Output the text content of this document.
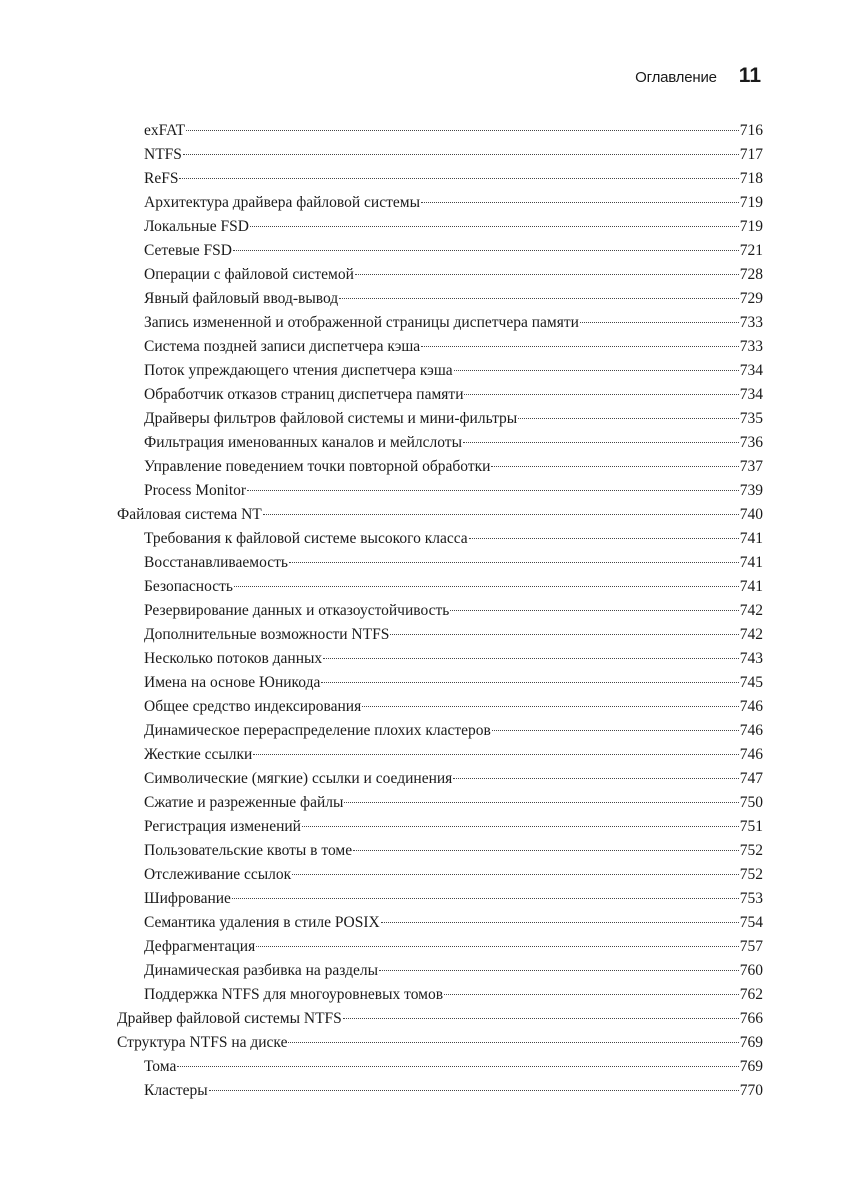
Оглавление 11
exFAT	716
NTFS	717
ReFS	718
Архитектура драйвера файловой системы	719
Локальные FSD	719
Сетевые FSD	721
Операции с файловой системой	728
Явный файловый ввод-вывод	729
Запись измененной и отображенной страницы диспетчера памяти	733
Система поздней записи диспетчера кэша	733
Поток упреждающего чтения диспетчера кэша	734
Обработчик отказов страниц диспетчера памяти	734
Драйверы фильтров файловой системы и мини-фильтры	735
Фильтрация именованных каналов и мейлслоты	736
Управление поведением точки повторной обработки	737
Process Monitor	739
Файловая система NT	740
Требования к файловой системе высокого класса	741
Восстанавливаемость	741
Безопасность	741
Резервирование данных и отказоустойчивость	742
Дополнительные возможности NTFS	742
Несколько потоков данных	743
Имена на основе Юникода	745
Общее средство индексирования	746
Динамическое перераспределение плохих кластеров	746
Жесткие ссылки	746
Символические (мягкие) ссылки и соединения	747
Сжатие и разреженные файлы	750
Регистрация изменений	751
Пользовательские квоты в томе	752
Отслеживание ссылок	752
Шифрование	753
Семантика удаления в стиле POSIX	754
Дефрагментация	757
Динамическая разбивка на разделы	760
Поддержка NTFS для многоуровневых томов	762
Драйвер файловой системы NTFS	766
Структура NTFS на диске	769
Тома	769
Кластеры	770
